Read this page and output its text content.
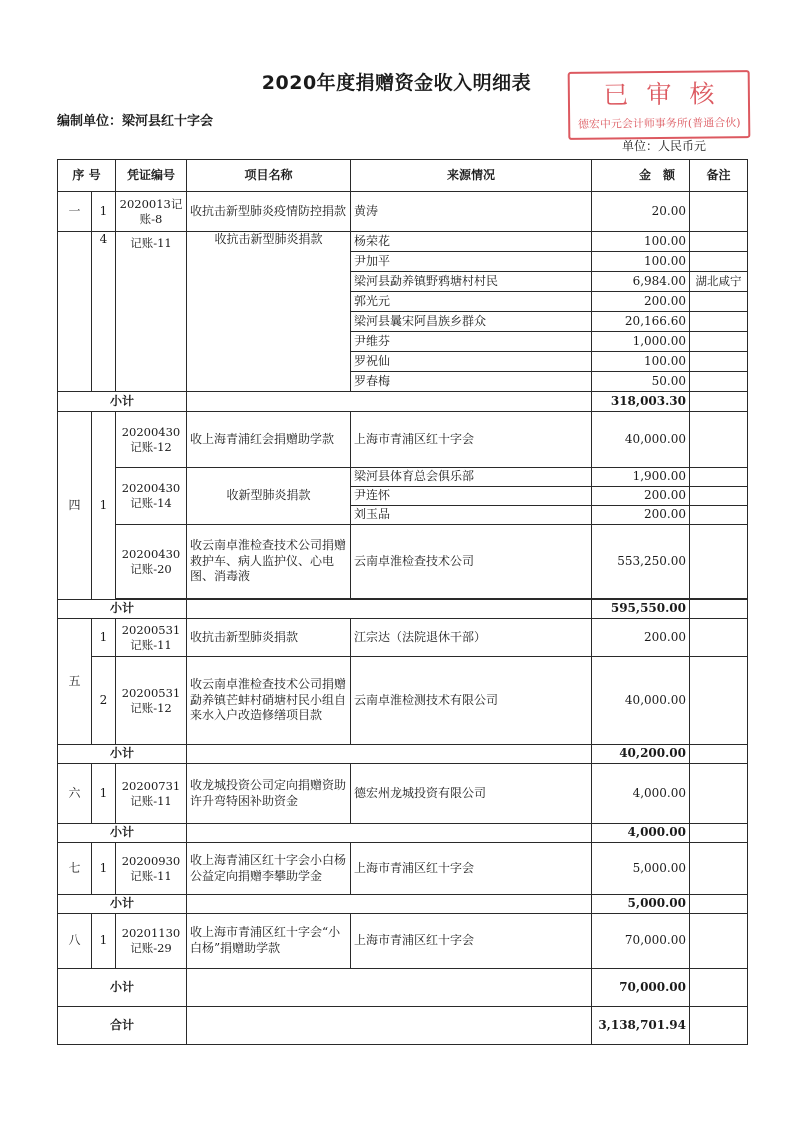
2020年度捐赠资金收入明细表
编制单位：梁河县红十字会
单位：人民币元
已审核
德宏中元会计师事务所(普通合伙)
序 号		凭证编号	项目名称	来源情况	金　额	备注
一	1	2020013记账-8	收抗击新型肺炎疫情防控捐款	黄涛	20.00	
	4	记账-11	收抗击新型肺炎捐款	杨荣花	100.00	
				尹加平	100.00	
				梁河县勐养镇野鸦塘村村民	6,984.00	湖北咸宁
				郭光元	200.00	
				梁河县曩宋阿昌族乡群众	20,166.60	
				尹维芬	1,000.00	
				罗祝仙	100.00	
				罗春梅	50.00	
小计					318,003.30	
四	1	20200430记账-12	收上海青浦红会捐赠助学款	上海市青浦区红十字会	40,000.00	
		20200430记账-14	收新型肺炎捐款	梁河县体育总会俱乐部	1,900.00	
				尹连怀	200.00	
				刘玉品	200.00	
		20200430记账-20	收云南卓淮检查技术公司捐赠救护车、病人监护仪、心电图、消毒液	云南卓淮检查技术公司	553,250.00	

小计					595,550.00	
五	1	20200531记账-11	收抗击新型肺炎捐款	江宗达（法院退休干部）	200.00	
	2	20200531记账-12	收云南卓淮检查技术公司捐赠勐养镇芒蚌村硝塘村民小组自来水入户改造修缮项目款	云南卓淮检测技术有限公司	40,000.00	
小计					40,200.00	
六	1	20200731记账-11	收龙城投资公司定向捐赠资助许升弯特困补助资金	德宏州龙城投资有限公司	4,000.00	
小计					4,000.00	
七	1	20200930记账-11	收上海青浦区红十字会小白杨公益定向捐赠李攀助学金	上海市青浦区红十字会	5,000.00	
小计					5,000.00	
八	1	20201130记账-29	收上海市青浦区红十字会“小白杨”捐赠助学款	上海市青浦区红十字会	70,000.00	
小计					70,000.00	
合计					3,138,701.94	
